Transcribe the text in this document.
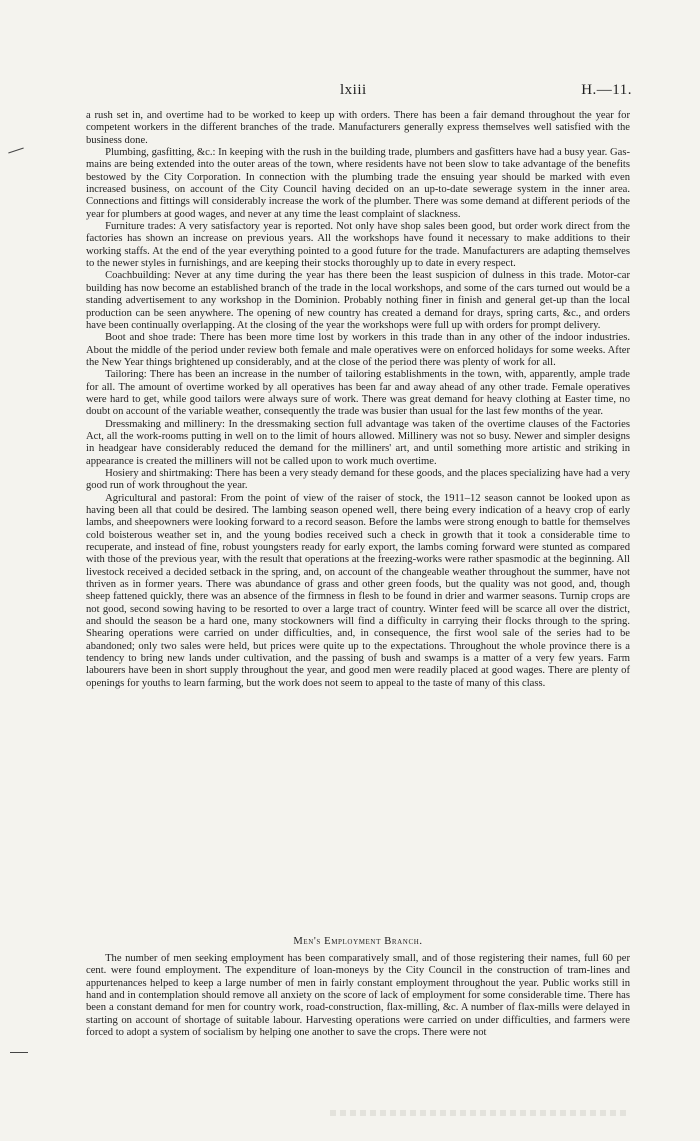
lxiii	H.—11.

a rush set in, and overtime had to be worked to keep up with orders. There has been a fair demand throughout the year for competent workers in the different branches of the trade. Manufacturers generally express themselves well satisfied with the business done.

Plumbing, gasfitting, &c.: In keeping with the rush in the building trade, plumbers and gasfitters have had a busy year. Gas-mains are being extended into the outer areas of the town, where residents have not been slow to take advantage of the benefits bestowed by the City Corporation. In connection with the plumbing trade the ensuing year should be marked with even increased business, on account of the City Council having decided on an up-to-date sewerage system in the inner area. Connections and fittings will considerably increase the work of the plumber. There was some demand at different periods of the year for plumbers at good wages, and never at any time the least complaint of slackness.

Furniture trades: A very satisfactory year is reported. Not only have shop sales been good, but order work direct from the factories has shown an increase on previous years. All the workshops have found it necessary to make additions to their working staffs. At the end of the year everything pointed to a good future for the trade. Manufacturers are adapting themselves to the newer styles in furnishings, and are keeping their stocks thoroughly up to date in every respect.

Coachbuilding: Never at any time during the year has there been the least suspicion of dulness in this trade. Motor-car building has now become an established branch of the trade in the local workshops, and some of the cars turned out would be a standing advertisement to any workshop in the Dominion. Probably nothing finer in finish and general get-up than the local production can be seen anywhere. The opening of new country has created a demand for drays, spring carts, &c., and orders have been continually overlapping. At the closing of the year the workshops were full up with orders for prompt delivery.

Boot and shoe trade: There has been more time lost by workers in this trade than in any other of the indoor industries. About the middle of the period under review both female and male operatives were on enforced holidays for some weeks. After the New Year things brightened up considerably, and at the close of the period there was plenty of work for all.

Tailoring: There has been an increase in the number of tailoring establishments in the town, with, apparently, ample trade for all. The amount of overtime worked by all operatives has been far and away ahead of any other trade. Female operatives were hard to get, while good tailors were always sure of work. There was great demand for heavy clothing at Easter time, no doubt on account of the variable weather, consequently the trade was busier than usual for the last few months of the year.

Dressmaking and millinery: In the dressmaking section full advantage was taken of the overtime clauses of the Factories Act, all the work-rooms putting in well on to the limit of hours allowed. Millinery was not so busy. Newer and simpler designs in headgear have considerably reduced the demand for the milliners' art, and until something more artistic and striking in appearance is created the milliners will not be called upon to work much overtime.

Hosiery and shirtmaking: There has been a very steady demand for these goods, and the places specializing have had a very good run of work throughout the year.

Agricultural and pastoral: From the point of view of the raiser of stock, the 1911–12 season cannot be looked upon as having been all that could be desired. The lambing season opened well, there being every indication of a heavy crop of early lambs, and sheepowners were looking forward to a record season. Before the lambs were strong enough to battle for themselves cold boisterous weather set in, and the young bodies received such a check in growth that it took a considerable time to recuperate, and instead of fine, robust youngsters ready for early export, the lambs coming forward were stunted as compared with those of the previous year, with the result that operations at the freezing-works were rather spasmodic at the beginning. All livestock received a decided setback in the spring, and, on account of the changeable weather throughout the summer, have not thriven as in former years. There was abundance of grass and other green foods, but the quality was not good, and, though sheep fattened quickly, there was an absence of the firmness in flesh to be found in drier and warmer seasons. Turnip crops are not good, second sowing having to be resorted to over a large tract of country. Winter feed will be scarce all over the district, and should the season be a hard one, many stockowners will find a difficulty in carrying their flocks through to the spring. Shearing operations were carried on under difficulties, and, in consequence, the first wool sale of the series had to be abandoned; only two sales were held, but prices were quite up to the expectations. Throughout the whole province there is a tendency to bring new lands under cultivation, and the passing of bush and swamps is a matter of a very few years. Farm labourers have been in short supply throughout the year, and good men were readily placed at good wages. There are plenty of openings for youths to learn farming, but the work does not seem to appeal to the taste of many of this class.

Men's Employment Branch.

The number of men seeking employment has been comparatively small, and of those registering their names, full 60 per cent. were found employment. The expenditure of loan-moneys by the City Council in the construction of tram-lines and appurtenances helped to keep a large number of men in fairly constant employment throughout the year. Public works still in hand and in contemplation should remove all anxiety on the score of lack of employment for some considerable time. There has been a constant demand for men for country work, road-construction, flax-milling, &c. A number of flax-mills were delayed in starting on account of shortage of suitable labour. Harvesting operations were carried on under difficulties, and farmers were forced to adopt a system of socialism by helping one another to save the crops. There were not
